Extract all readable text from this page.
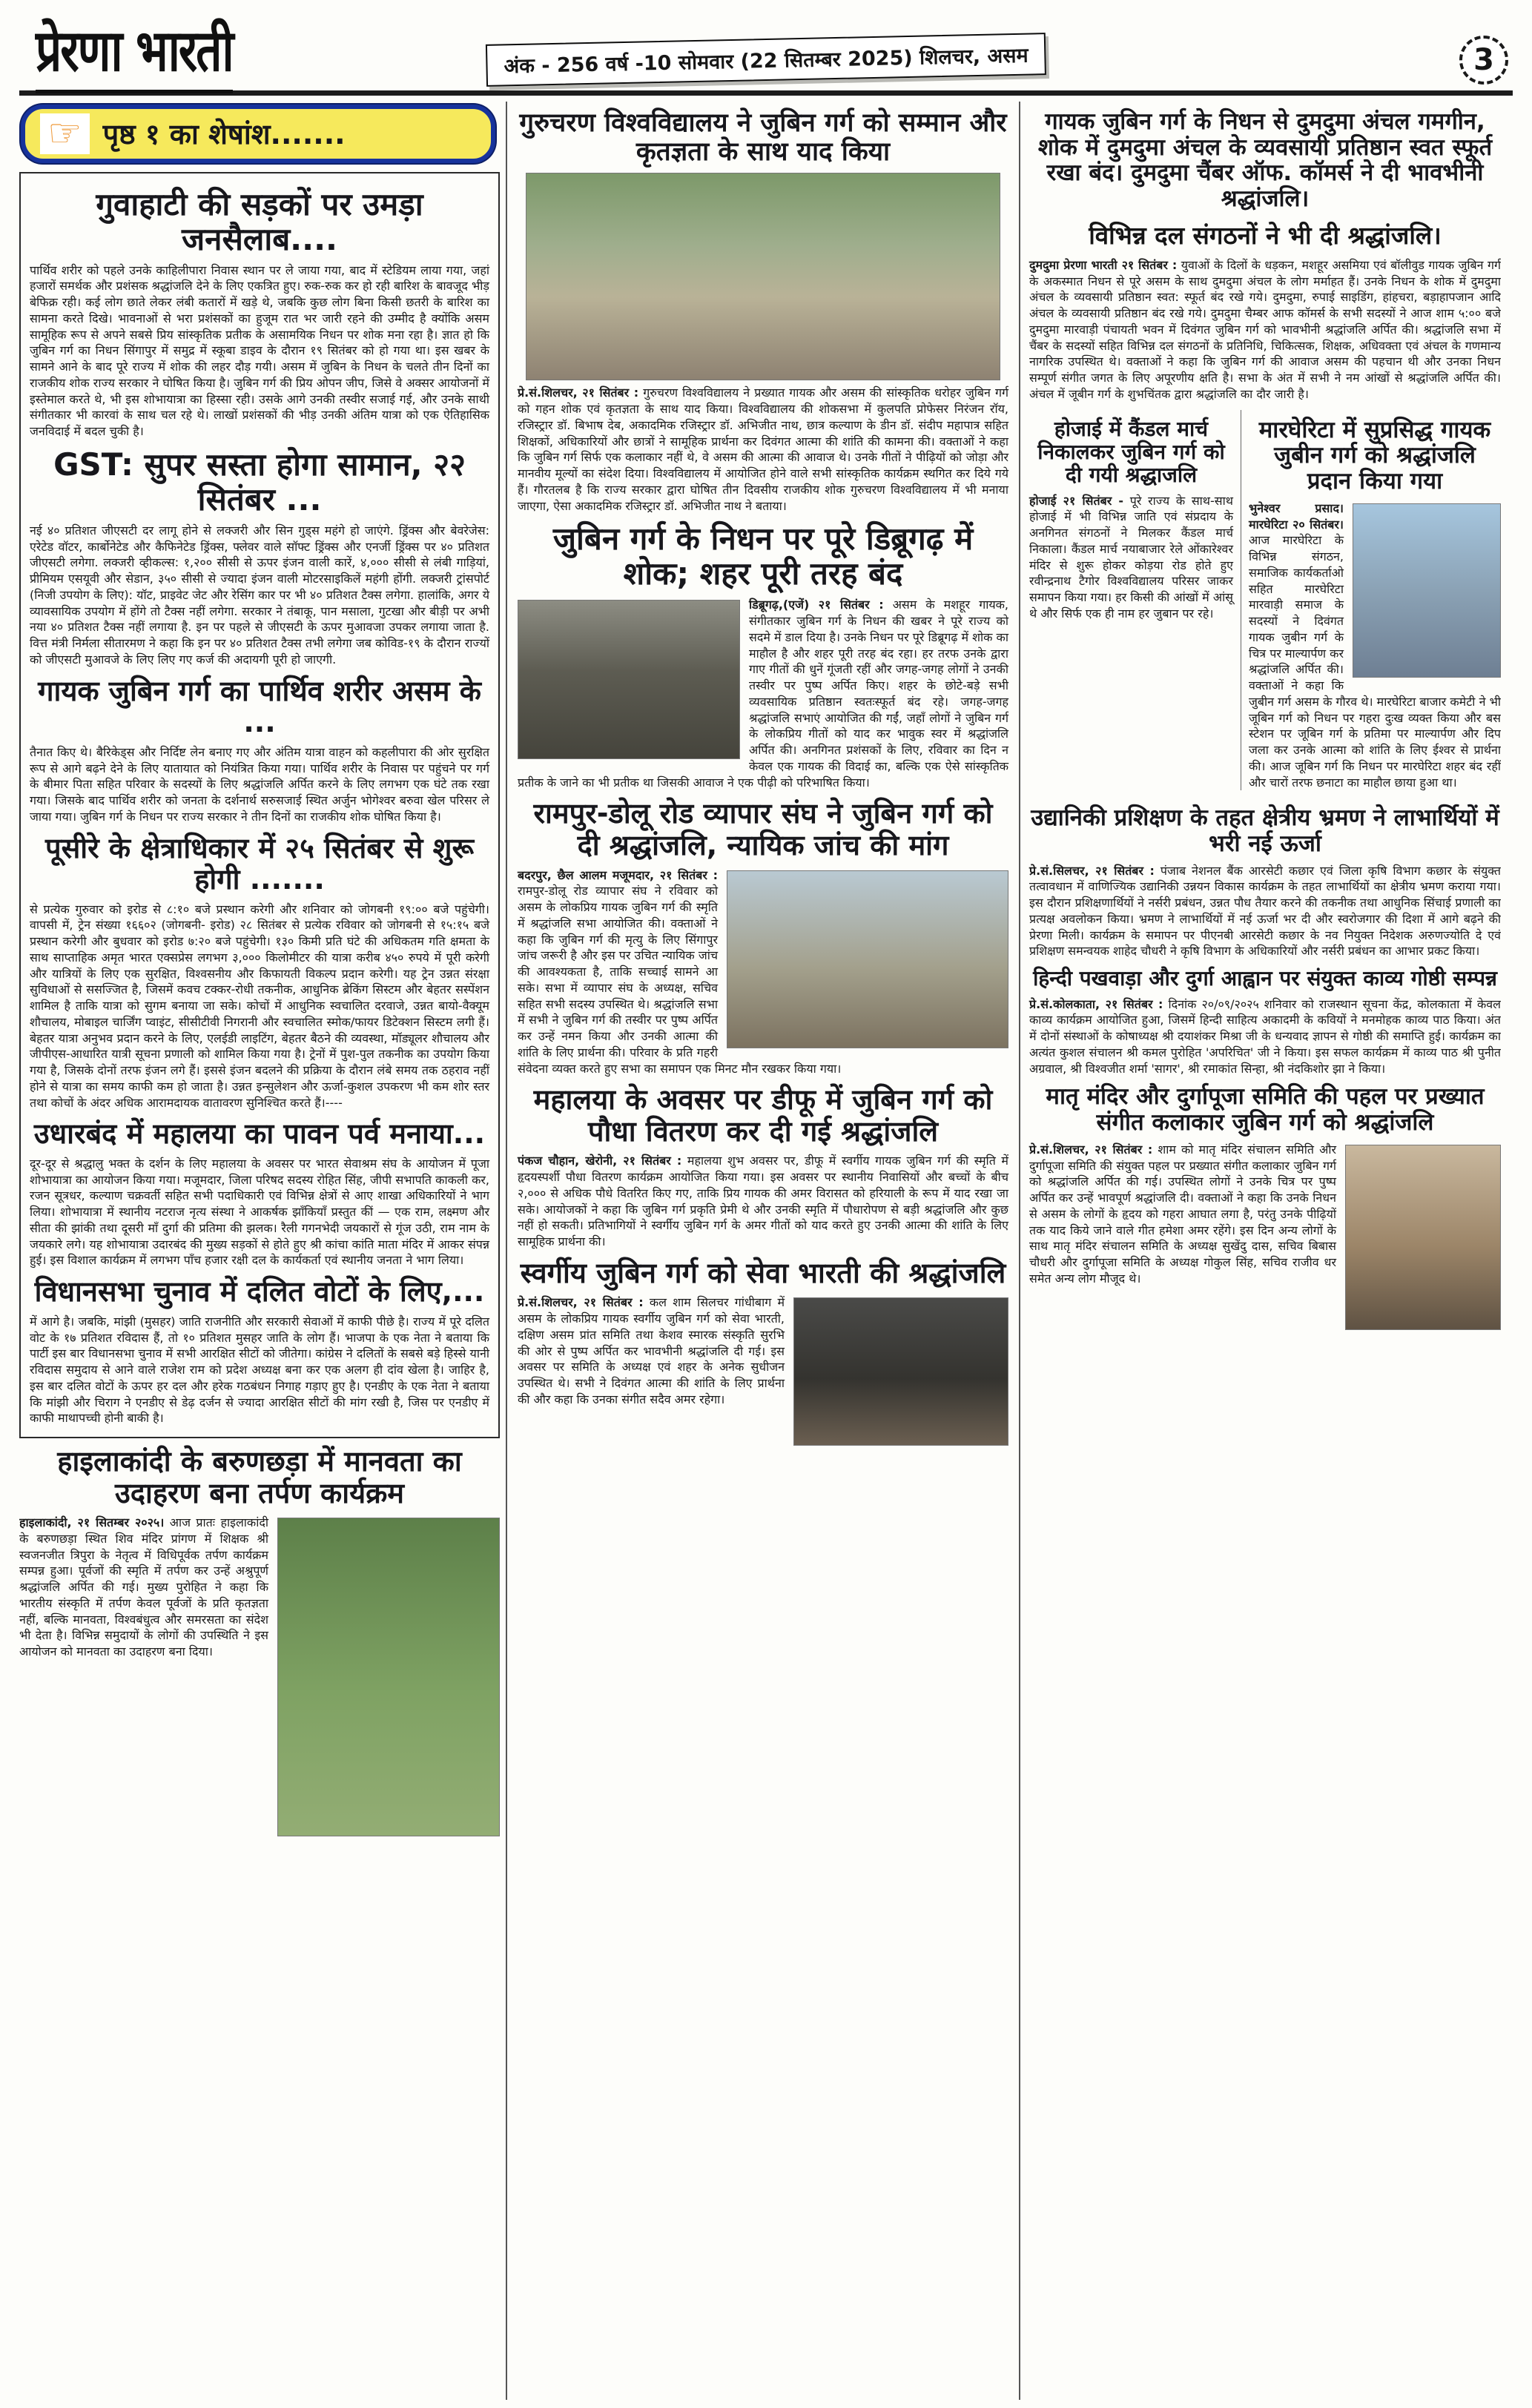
प्रेरणा भारती	अंक - 256 वर्ष -10 सोमवार (22 सितम्बर 2025) शिलचर, असम	3
☞ पृष्ठ १ का शेषांश.......
गुवाहाटी की सड़कों पर उमड़ा जनसैलाब....

पार्थिव शरीर को पहले उनके काहिलीपारा निवास स्थान पर ले जाया गया, बाद में स्टेडियम लाया गया, जहां हजारों समर्थक और प्रशंसक श्रद्धांजलि देने के लिए एकत्रित हुए। रुक-रुक कर हो रही बारिश के बावजूद भीड़ बेफिक्र रही। कई लोग छाते लेकर लंबी कतारों में खड़े थे, जबकि कुछ लोग बिना किसी छतरी के बारिश का सामना करते दिखे। भावनाओं से भरा प्रशंसकों का हुजूम रात भर जारी रहने की उम्मीद है क्योंकि असम सामूहिक रूप से अपने सबसे प्रिय सांस्कृतिक प्रतीक के असामयिक निधन पर शोक मना रहा है। ज्ञात हो कि जुबिन गर्ग का निधन सिंगापुर में समुद्र में स्कूबा डाइव के दौरान १९ सितंबर को हो गया था। इस खबर के सामने आने के बाद पूरे राज्य में शोक की लहर दौड़ गयी। असम में जुबिन के निधन के चलते तीन दिनों का राजकीय शोक राज्य सरकार ने घोषित किया है। जुबिन गर्ग की प्रिय ओपन जीप, जिसे वे अक्सर आयोजनों में इस्तेमाल करते थे, भी इस शोभायात्रा का हिस्सा रही। उसके आगे उनकी तस्वीर सजाई गई, और उनके साथी संगीतकार भी कारवां के साथ चल रहे थे। लाखों प्रशंसकों की भीड़ उनकी अंतिम यात्रा को एक ऐतिहासिक जनविदाई में बदल चुकी है।

GST: सुपर सस्ता होगा सामान, २२ सितंबर ...

नई ४० प्रतिशत जीएसटी दर लागू होने से लक्जरी और सिन गुड्स महंगे हो जाएंगे. ड्रिंक्स और बेवरेजेस: एरेटेड वॉटर, कार्बोनेटेड और कैफिनेटेड ड्रिंक्स, फ्लेवर वाले सॉफ्ट ड्रिंक्स और एनर्जी ड्रिंक्स पर ४० प्रतिशत जीएसटी लगेगा. लक्जरी व्हीकल्स: १,२०० सीसी से ऊपर इंजन वाली कारें, ४,००० सीसी से लंबी गाड़ियां, प्रीमियम एसयूवी और सेडान, ३५० सीसी से ज्यादा इंजन वाली मोटरसाइकिलें महंगी होंगी. लक्जरी ट्रांसपोर्ट (निजी उपयोग के लिए): यॉट, प्राइवेट जेट और रेसिंग कार पर भी ४० प्रतिशत टैक्स लगेगा. हालांकि, अगर ये व्यावसायिक उपयोग में होंगे तो टैक्स नहीं लगेगा. सरकार ने तंबाकू, पान मसाला, गुटखा और बीड़ी पर अभी नया ४० प्रतिशत टैक्स नहीं लगाया है. इन पर पहले से जीएसटी के ऊपर मुआवजा उपकर लगाया जाता है. वित्त मंत्री निर्मला सीतारमण ने कहा कि इन पर ४० प्रतिशत टैक्स तभी लगेगा जब कोविड-१९ के दौरान राज्यों को जीएसटी मुआवजे के लिए लिए गए कर्ज की अदायगी पूरी हो जाएगी.

गायक जुबिन गर्ग का पार्थिव शरीर असम के ...

तैनात किए थे। बैरिकेड्स और निर्दिष्ट लेन बनाए गए और अंतिम यात्रा वाहन को कहलीपारा की ओर सुरक्षित रूप से आगे बढ़ने देने के लिए यातायात को नियंत्रित किया गया। पार्थिव शरीर के निवास पर पहुंचने पर गर्ग के बीमार पिता सहित परिवार के सदस्यों के लिए श्रद्धांजलि अर्पित करने के लिए लगभग एक घंटे तक रखा गया। जिसके बाद पार्थिव शरीर को जनता के दर्शनार्थ सरुसजाई स्थित अर्जुन भोगेश्वर बरुवा खेल परिसर ले जाया गया। जुबिन गर्ग के निधन पर राज्य सरकार ने तीन दिनों का राजकीय शोक घोषित किया है।

पूसीरे के क्षेत्राधिकार में २५ सितंबर से शुरू होगी .......

से प्रत्येक गुरुवार को इरोड से ८:१० बजे प्रस्थान करेगी और शनिवार को जोगबनी १९:०० बजे पहुंचेगी। वापसी में, ट्रेन संख्या १६६०२ (जोगबनी- इरोड) २८ सितंबर से प्रत्येक रविवार को जोगबनी से १५:१५ बजे प्रस्थान करेगी और बुधवार को इरोड ७:२० बजे पहुंचेगी। १३० किमी प्रति घंटे की अधिकतम गति क्षमता के साथ साप्ताहिक अमृत भारत एक्सप्रेस लगभग ३,००० किलोमीटर की यात्रा करीब ४५० रुपये में पूरी करेगी और यात्रियों के लिए एक सुरक्षित, विश्वसनीय और किफायती विकल्प प्रदान करेगी। यह ट्रेन उन्नत संरक्षा सुविधाओं से ससज्जित है, जिसमें कवच टक्कर-रोधी तकनीक, आधुनिक ब्रेकिंग सिस्टम और बेहतर सस्पेंशन शामिल है ताकि यात्रा को सुगम बनाया जा सके। कोचों में आधुनिक स्वचालित दरवाजे, उन्नत बायो-वैक्यूम शौचालय, मोबाइल चार्जिंग प्वाइंट, सीसीटीवी निगरानी और स्वचालित स्मोक/फायर डिटेक्शन सिस्टम लगी हैं। बेहतर यात्रा अनुभव प्रदान करने के लिए, एलईडी लाइटिंग, बेहतर बैठने की व्यवस्था, मॉड्यूलर शौचालय और जीपीएस-आधारित यात्री सूचना प्रणाली को शामिल किया गया है। ट्रेनों में पुश-पुल तकनीक का उपयोग किया गया है, जिसके दोनों तरफ इंजन लगे हैं। इससे इंजन बदलने की प्रक्रिया के दौरान लंबे समय तक ठहराव नहीं होने से यात्रा का समय काफी कम हो जाता है। उन्नत इन्सुलेशन और ऊर्जा-कुशल उपकरण भी कम शोर स्तर तथा कोचों के अंदर अधिक आरामदायक वातावरण सुनिश्चित करते हैं।----

उधारबंद में महालया का पावन पर्व मनाया...

दूर-दूर से श्रद्धालु भक्त के दर्शन के लिए महालया के अवसर पर भारत सेवाश्रम संघ के आयोजन में पूजा शोभायात्रा का आयोजन किया गया। मजूमदार, जिला परिषद सदस्य रोहित सिंह, जीपी सभापति काकली कर, रजन सूत्रधर, कल्याण चक्रवर्ती सहित सभी पदाधिकारी एवं विभिन्न क्षेत्रों से आए शाखा अधिकारियों ने भाग लिया। शोभायात्रा में स्थानीय नटराज नृत्य संस्था ने आकर्षक झाँकियाँ प्रस्तुत कीं — एक राम, लक्ष्मण और सीता की झांकी तथा दूसरी माँ दुर्गा की प्रतिमा की झलक। रैली गगनभेदी जयकारों से गूंज उठी, राम नाम के जयकारे लगे। यह शोभायात्रा उदारबंद की मुख्य सड़कों से होते हुए श्री कांचा कांति माता मंदिर में आकर संपन्न हुई। इस विशाल कार्यक्रम में लगभग पाँच हजार रक्षी दल के कार्यकर्ता एवं स्थानीय जनता ने भाग लिया।

विधानसभा चुनाव में दलित वोटों के लिए,...

में आगे है। जबकि, मांझी (मुसहर) जाति राजनीति और सरकारी सेवाओं में काफी पीछे है। राज्य में पूरे दलित वोट के १७ प्रतिशत रविदास हैं, तो १० प्रतिशत मुसहर जाति के लोग हैं। भाजपा के एक नेता ने बताया कि पार्टी इस बार विधानसभा चुनाव में सभी आरक्षित सीटों को जीतेगा। कांग्रेस ने दलितों के सबसे बड़े हिस्से यानी रविदास समुदाय से आने वाले राजेश राम को प्रदेश अध्यक्ष बना कर एक अलग ही दांव खेला है। जाहिर है, इस बार दलित वोटों के ऊपर हर दल और हरेक गठबंधन निगाह गड़ाए हुए है। एनडीए के एक नेता ने बताया कि मांझी और चिराग ने एनडीए से डेढ़ दर्जन से ज्यादा आरक्षित सीटों की मांग रखी है, जिस पर एनडीए में काफी माथापच्ची होनी बाकी है।

हाइलाकांदी के बरुणछड़ा में मानवता का उदाहरण बना तर्पण कार्यक्रम

हाइलाकांदी, २१ सितम्बर २०२५। आज प्रातः हाइलाकांदी के बरुणछड़ा स्थित शिव मंदिर प्रांगण में शिक्षक श्री स्वजनजीत त्रिपुरा के नेतृत्व में विधिपूर्वक तर्पण कार्यक्रम सम्पन्न हुआ। पूर्वजों की स्मृति में तर्पण कर उन्हें अश्रुपूर्ण श्रद्धांजलि अर्पित की गई। मुख्य पुरोहित ने कहा कि भारतीय संस्कृति में तर्पण केवल पूर्वजों के प्रति कृतज्ञता नहीं, बल्कि मानवता, विश्वबंधुत्व और समरसता का संदेश भी देता है। विभिन्न समुदायों के लोगों की उपस्थिति ने इस आयोजन को मानवता का उदाहरण बना दिया।

गुरुचरण विश्वविद्यालय ने जुबिन गर्ग को सम्मान और कृतज्ञता के साथ याद किया

प्रे.सं.शिलचर, २१ सितंबर : गुरुचरण विश्वविद्यालय ने प्रख्यात गायक और असम की सांस्कृतिक धरोहर जुबिन गर्ग को गहन शोक एवं कृतज्ञता के साथ याद किया। विश्वविद्यालय की शोकसभा में कुलपति प्रोफेसर निरंजन रॉय, रजिस्ट्रार डॉ. बिभाष देब, अकादमिक रजिस्ट्रार डॉ. अभिजीत नाथ, छात्र कल्याण के डीन डॉ. संदीप महापात्र सहित शिक्षकों, अधिकारियों और छात्रों ने सामूहिक प्रार्थना कर दिवंगत आत्मा की शांति की कामना की। वक्ताओं ने कहा कि जुबिन गर्ग सिर्फ एक कलाकार नहीं थे, वे असम की आत्मा की आवाज थे। उनके गीतों ने पीढ़ियों को जोड़ा और मानवीय मूल्यों का संदेश दिया। विश्वविद्यालय में आयोजित होने वाले सभी सांस्कृतिक कार्यक्रम स्थगित कर दिये गये हैं। गौरतलब है कि राज्य सरकार द्वारा घोषित तीन दिवसीय राजकीय शोक गुरुचरण विश्वविद्यालय में भी मनाया जाएगा, ऐसा अकादमिक रजिस्ट्रार डॉ. अभिजीत नाथ ने बताया।

जुबिन गर्ग के निधन पर पूरे डिब्रूगढ़ में शोक; शहर पूरी तरह बंद

डिब्रूगढ़,(एजें) २१ सितंबर : असम के मशहूर गायक, संगीतकार जुबिन गर्ग के निधन की खबर ने पूरे राज्य को सदमे में डाल दिया है। उनके निधन पर पूरे डिब्रूगढ़ में शोक का माहौल है और शहर पूरी तरह बंद रहा। हर तरफ उनके द्वारा गाए गीतों की धुनें गूंजती रहीं और जगह-जगह लोगों ने उनकी तस्वीर पर पुष्प अर्पित किए। शहर के छोटे-बड़े सभी व्यवसायिक प्रतिष्ठान स्वतःस्फूर्त बंद रहे। जगह-जगह श्रद्धांजलि सभाएं आयोजित की गईं, जहाँ लोगों ने जुबिन गर्ग के लोकप्रिय गीतों को याद कर भावुक स्वर में श्रद्धांजलि अर्पित की। अनगिनत प्रशंसकों के लिए, रविवार का दिन न केवल एक गायक की विदाई का, बल्कि एक ऐसे सांस्कृतिक प्रतीक के जाने का भी प्रतीक था जिसकी आवाज ने एक पीढ़ी को परिभाषित किया।

रामपुर-डोलू रोड व्यापार संघ ने जुबिन गर्ग को दी श्रद्धांजलि, न्यायिक जांच की मांग

बदरपुर, छैल आलम मजूमदार, २१ सितंबर : रामपुर-डोलू रोड व्यापार संघ ने रविवार को असम के लोकप्रिय गायक जुबिन गर्ग की स्मृति में श्रद्धांजलि सभा आयोजित की। वक्ताओं ने कहा कि जुबिन गर्ग की मृत्यु के लिए सिंगापुर जांच जरूरी है और इस पर उचित न्यायिक जांच की आवश्यकता है, ताकि सच्चाई सामने आ सके। सभा में व्यापार संघ के अध्यक्ष, सचिव सहित सभी सदस्य उपस्थित थे। श्रद्धांजलि सभा में सभी ने जुबिन गर्ग की तस्वीर पर पुष्प अर्पित कर उन्हें नमन किया और उनकी आत्मा की शांति के लिए प्रार्थना की। परिवार के प्रति गहरी संवेदना व्यक्त करते हुए सभा का समापन एक मिनट मौन रखकर किया गया।

महालया के अवसर पर डीफू में जुबिन गर्ग को पौधा वितरण कर दी गई श्रद्धांजलि

पंकज चौहान, खेरोनी, २१ सितंबर : महालया शुभ अवसर पर, डीफू में स्वर्गीय गायक जुबिन गर्ग की स्मृति में हृदयस्पर्शी पौधा वितरण कार्यक्रम आयोजित किया गया। इस अवसर पर स्थानीय निवासियों और बच्चों के बीच २,००० से अधिक पौधे वितरित किए गए, ताकि प्रिय गायक की अमर विरासत को हरियाली के रूप में याद रखा जा सके। आयोजकों ने कहा कि जुबिन गर्ग प्रकृति प्रेमी थे और उनकी स्मृति में पौधारोपण से बड़ी श्रद्धांजलि और कुछ नहीं हो सकती। प्रतिभागियों ने स्वर्गीय जुबिन गर्ग के अमर गीतों को याद करते हुए उनकी आत्मा की शांति के लिए सामूहिक प्रार्थना की।

स्वर्गीय जुबिन गर्ग को सेवा भारती की श्रद्धांजलि

प्रे.सं.शिलचर, २१ सितंबर : कल शाम सिलचर गांधीबाग में असम के लोकप्रिय गायक स्वर्गीय जुबिन गर्ग को सेवा भारती, दक्षिण असम प्रांत समिति तथा केशव स्मारक संस्कृति सुरभि की ओर से पुष्प अर्पित कर भावभीनी श्रद्धांजलि दी गई। इस अवसर पर समिति के अध्यक्ष एवं शहर के अनेक सुधीजन उपस्थित थे। सभी ने दिवंगत आत्मा की शांति के लिए प्रार्थना की और कहा कि उनका संगीत सदैव अमर रहेगा।

गायक जुबिन गर्ग के निधन से दुमदुमा अंचल गमगीन, शोक में दुमदुमा अंचल के व्यवसायी प्रतिष्ठान स्वत स्फूर्त रखा बंद। दुमदुमा चैंबर ऑफ. कॉमर्स ने दी भावभीनी श्रद्धांजलि।
विभिन्न दल संगठनों ने भी दी श्रद्धांजलि।

दुमदुमा प्रेरणा भारती २१ सितंबर : युवाओं के दिलों के धड़कन, मशहूर असमिया एवं बॉलीवुड गायक जुबिन गर्ग के अकस्मात निधन से पूरे असम के साथ दुमदुमा अंचल के लोग मर्माहत हैं। उनके निधन के शोक में दुमदुमा अंचल के व्यवसायी प्रतिष्ठान स्वत: स्फूर्त बंद रखे गये। दुमदुमा, रुपाई साइडिंग, हांहचरा, बड़ाहापजान आदि अंचल के व्यवसायी प्रतिष्ठान बंद रखे गये। दुमदुमा चैम्बर आफ कॉमर्स के सभी सदस्यों ने आज शाम ५:०० बजे दुमदुमा मारवाड़ी पंचायती भवन में दिवंगत जुबिन गर्ग को भावभीनी श्रद्धांजलि अर्पित की। श्रद्धांजलि सभा में चैंबर के सदस्यों सहित विभिन्न दल संगठनों के प्रतिनिधि, चिकित्सक, शिक्षक, अधिवक्ता एवं अंचल के गणमान्य नागरिक उपस्थित थे। वक्ताओं ने कहा कि जुबिन गर्ग की आवाज असम की पहचान थी और उनका निधन सम्पूर्ण संगीत जगत के लिए अपूरणीय क्षति है। सभा के अंत में सभी ने नम आंखों से श्रद्धांजलि अर्पित की। अंचल में जूबीन गर्ग के शुभचिंतक द्वारा श्रद्धांजलि का दौर जारी है।

होजाई में कैंडल मार्च निकालकर जुबिन गर्ग को दी गयी श्रद्धाजलि

होजाई २१ सितंबर - पूरे राज्य के साथ-साथ होजाई में भी विभिन्न जाति एवं संप्रदाय के अनगिनत संगठनों ने मिलकर कैंडल मार्च निकाला। कैंडल मार्च नयाबाजार रेले ओंकारेश्वर मंदिर से शुरू होकर कोड़या रोड होते हुए रवीन्द्रनाथ टैगोर विश्वविद्यालय परिसर जाकर समापन किया गया। हर किसी की आंखों में आंसू थे और सिर्फ एक ही नाम हर जुबान पर रहे।

मारघेरिटा में सुप्रसिद्ध गायक जुबीन गर्ग को श्रद्धांजलि प्रदान किया गया

भुनेश्वर प्रसाद। मारघेरिटा २० सितंबर। आज मारघेरिटा के विभिन्न संगठन, समाजिक कार्यकर्ताओ सहित मारघेरिटा मारवाड़ी समाज के सदस्यों ने दिवंगत गायक जुबीन गर्ग के चित्र पर माल्यार्पण कर श्रद्धांजलि अर्पित की। वक्ताओं ने कहा कि जुबीन गर्ग असम के गौरव थे। मारघेरिटा बाजार कमेटी ने भी जूबिन गर्ग को निधन पर गहरा दुःख व्यक्त किया और बस स्टेशन पर जूबिन गर्ग के प्रतिमा पर माल्यार्पण और दिप जला कर उनके आत्मा को शांति के लिए ईश्वर से प्रार्थना की। आज जूबिन गर्ग कि निधन पर मारघेरिटा शहर बंद रहीं और चारों तरफ छनाटा का माहौल छाया हुआ था।

उद्यानिकी प्रशिक्षण के तहत क्षेत्रीय भ्रमण ने लाभार्थियों में भरी नई ऊर्जा

प्रे.सं.सिलचर, २१ सितंबर : पंजाब नेशनल बैंक आरसेटी कछार एवं जिला कृषि विभाग कछार के संयुक्त तत्वावधान में वाणिज्यिक उद्यानिकी उन्नयन विकास कार्यक्रम के तहत लाभार्थियों का क्षेत्रीय भ्रमण कराया गया। इस दौरान प्रशिक्षणार्थियों ने नर्सरी प्रबंधन, उन्नत पौध तैयार करने की तकनीक तथा आधुनिक सिंचाई प्रणाली का प्रत्यक्ष अवलोकन किया। भ्रमण ने लाभार्थियों में नई ऊर्जा भर दी और स्वरोजगार की दिशा में आगे बढ़ने की प्रेरणा मिली। कार्यक्रम के समापन पर पीएनबी आरसेटी कछार के नव नियुक्त निदेशक अरुणज्योति दे एवं प्रशिक्षण समन्वयक शाहेद चौधरी ने कृषि विभाग के अधिकारियों और नर्सरी प्रबंधन का आभार प्रकट किया।

हिन्दी पखवाड़ा और दुर्गा आह्वान पर संयुक्त काव्य गोष्ठी सम्पन्न

प्रे.सं.कोलकाता, २१ सितंबर : दिनांक २०/०९/२०२५ शनिवार को राजस्थान सूचना केंद्र, कोलकाता में केवल काव्य कार्यक्रम आयोजित हुआ, जिसमें हिन्दी साहित्य अकादमी के कवियों ने मनमोहक काव्य पाठ किया। अंत में दोनों संस्थाओं के कोषाध्यक्ष श्री दयाशंकर मिश्रा जी के धन्यवाद ज्ञापन से गोष्ठी की समाप्ति हुई। कार्यक्रम का अत्यंत कुशल संचालन श्री कमल पुरोहित 'अपरिचित' जी ने किया। इस सफल कार्यक्रम में काव्य पाठ श्री पुनीत अग्रवाल, श्री विश्वजीत शर्मा 'सागर', श्री रमाकांत सिन्हा, श्री नंदकिशोर झा ने किया।

मातृ मंदिर और दुर्गापूजा समिति की पहल पर प्रख्यात संगीत कलाकार जुबिन गर्ग को श्रद्धांजलि

प्रे.सं.शिलचर, २१ सितंबर : शाम को मातृ मंदिर संचालन समिति और दुर्गापूजा समिति की संयुक्त पहल पर प्रख्यात संगीत कलाकार जुबिन गर्ग को श्रद्धांजलि अर्पित की गई। उपस्थित लोगों ने उनके चित्र पर पुष्प अर्पित कर उन्हें भावपूर्ण श्रद्धांजलि दी। वक्ताओं ने कहा कि उनके निधन से असम के लोगों के हृदय को गहरा आघात लगा है, परंतु उनके पीढ़ियों तक याद किये जाने वाले गीत हमेशा अमर रहेंगे। इस दिन अन्य लोगों के साथ मातृ मंदिर संचालन समिति के अध्यक्ष सुखेंदु दास, सचिव बिबास चौधरी और दुर्गापूजा समिति के अध्यक्ष गोकुल सिंह, सचिव राजीव धर समेत अन्य लोग मौजूद थे।
